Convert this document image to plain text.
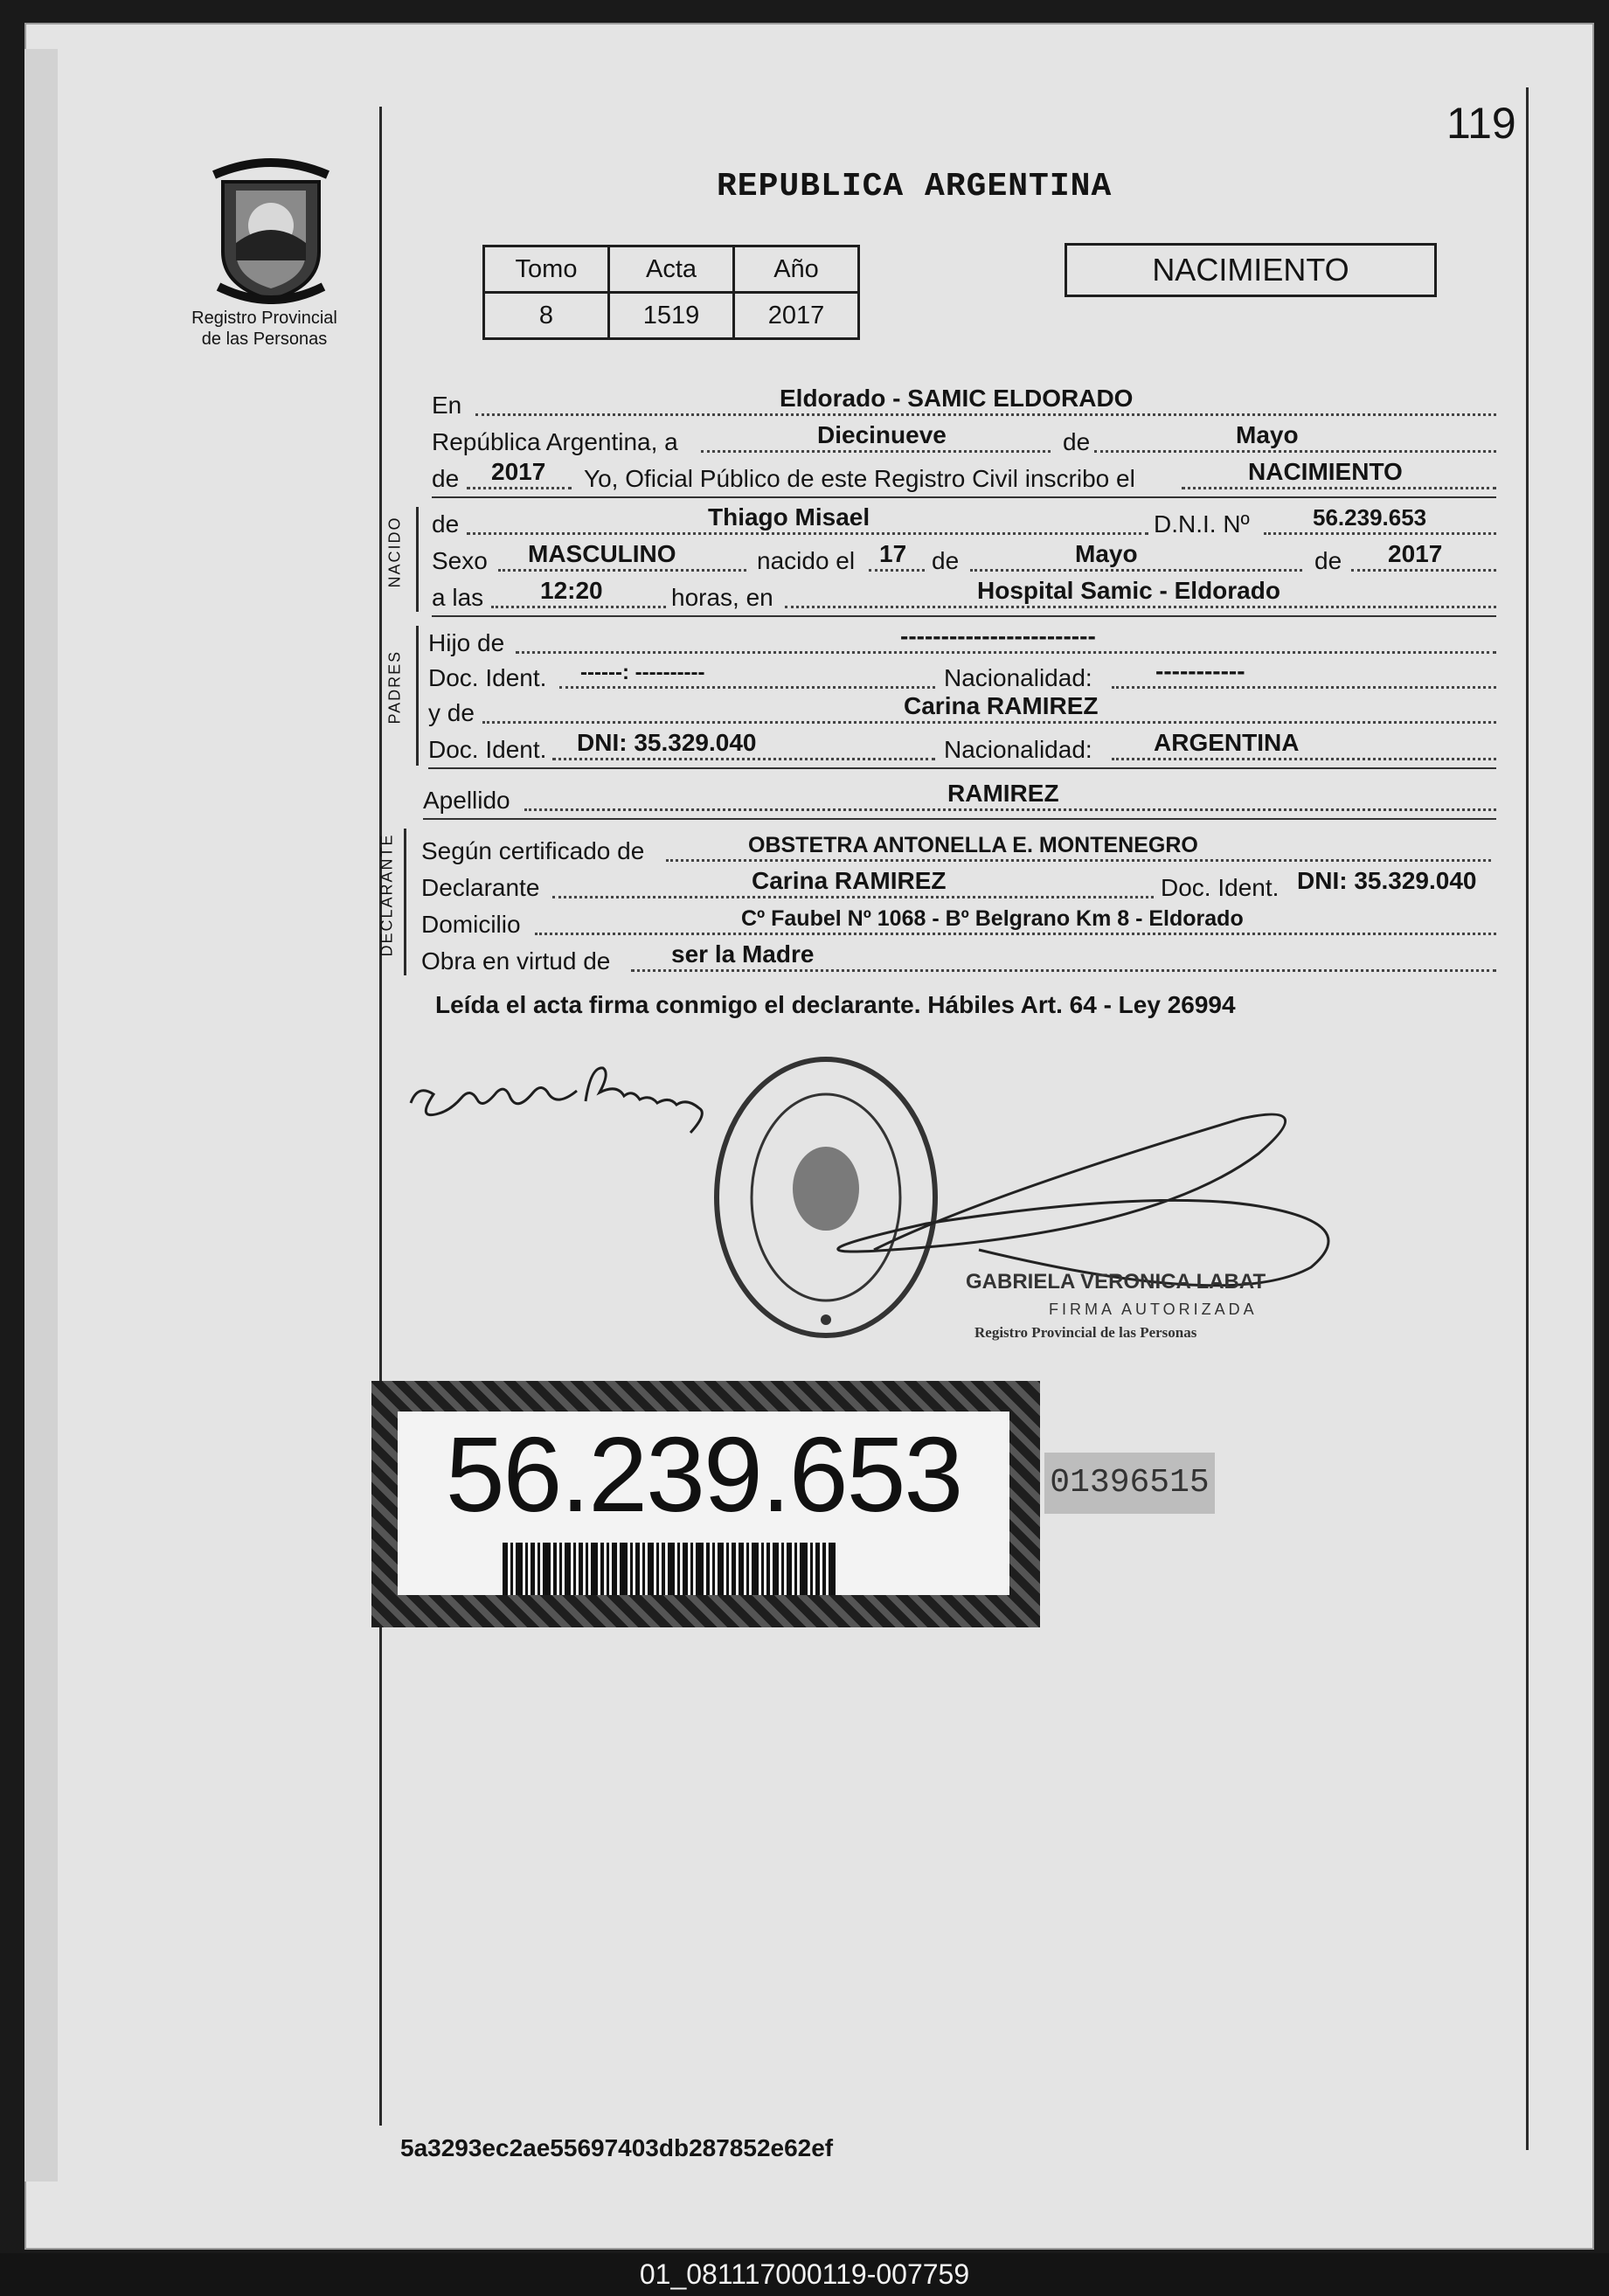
119
Registro Provincial
de las Personas
REPUBLICA ARGENTINA
Tomo	Acta	Año
8	1519	2017
NACIMIENTO
En	Eldorado - SAMIC ELDORADO
República Argentina, a	Diecinueve	de	Mayo
de 2017 Yo, Oficial Público de este Registro Civil inscribo el	NACIMIENTO
NACIDO de	Thiago Misael	D.N.I. Nº	56.239.653
Sexo MASCULINO	nacido el 17 de	Mayo	de 2017
a las 12:20	horas, en	Hospital Samic - Eldorado
PADRES
Hijo de	------------------------
Doc. Ident. ------: ----------	Nacionalidad:	-----------
y de	Carina RAMIREZ
Doc. Ident. DNI: 35.329.040	Nacionalidad:	ARGENTINA
Apellido	RAMIREZ
DECLARANTE Según certificado de	OBSTETRA ANTONELLA E. MONTENEGRO
Declarante	Carina RAMIREZ	Doc. Ident. DNI: 35.329.040
Domicilio	Cº Faubel Nº 1068 - Bº Belgrano Km 8 - Eldorado
Obra en virtud de ser la Madre
Leída el acta firma conmigo el declarante. Hábiles Art. 64 - Ley 26994
GABRIELA VERONICA LABAT
FIRMA AUTORIZADA
Registro Provincial de las Personas
56.239.653	01396515
5a3293ec2ae55697403db287852e62ef
01_081117000119-007759
